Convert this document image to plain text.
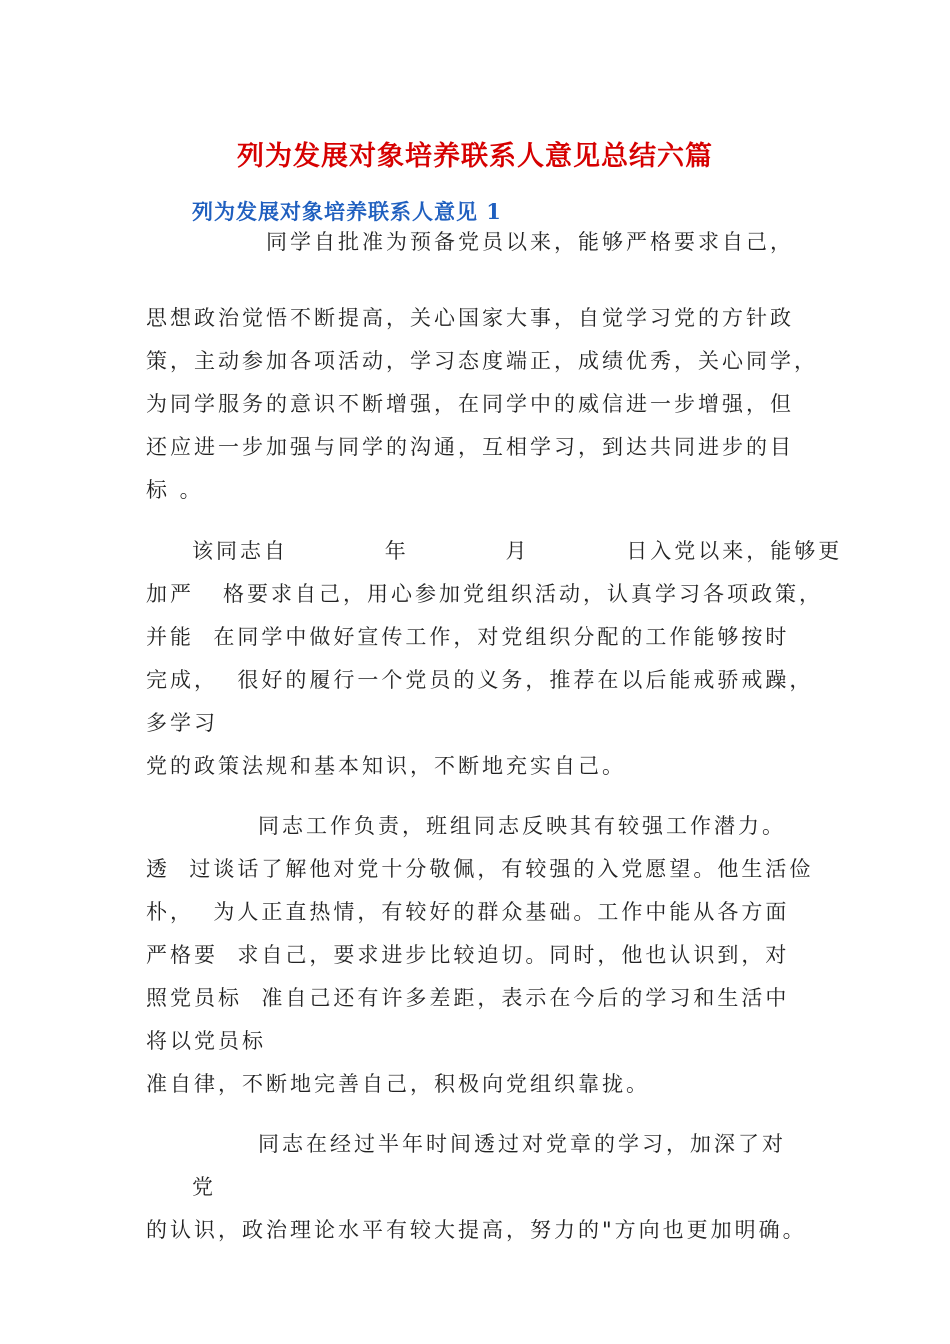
列为发展对象培养联系人意见总结六篇
列为发展对象培养联系人意见 1

同学自批准为预备党员以来，能够严格要求自己，

思想政治觉悟不断提高，关心国家大事，自觉学习党的方针政

策，主动参加各项活动，学习态度端正，成绩优秀，关心同学，

为同学服务的意识不断增强，在同学中的威信进一步增强，但

还应进一步加强与同学的沟通，互相学习，到达共同进步的目

标 。

该同志自          年          月          日入党以来，能够更

加严   格要求自己，用心参加党组织活动，认真学习各项政策，

并能  在同学中做好宣传工作，对党组织分配的工作能够按时

完成，  很好的履行一个党员的义务，推荐在以后能戒骄戒躁，

多学习

党的政策法规和基本知识，不断地充实自己。

同志工作负责，班组同志反映其有较强工作潜力。

透  过谈话了解他对党十分敬佩，有较强的入党愿望。他生活俭

朴，  为人正直热情，有较好的群众基础。工作中能从各方面

严格要  求自己，要求进步比较迫切。同时，他也认识到，对

照党员标  准自己还有许多差距，表示在今后的学习和生活中

将以党员标

准自律，不断地完善自己，积极向党组织靠拢。

同志在经过半年时间透过对党章的学习，加深了对

党

的认识，政治理论水平有较大提高，努力的"方向也更加明确。
